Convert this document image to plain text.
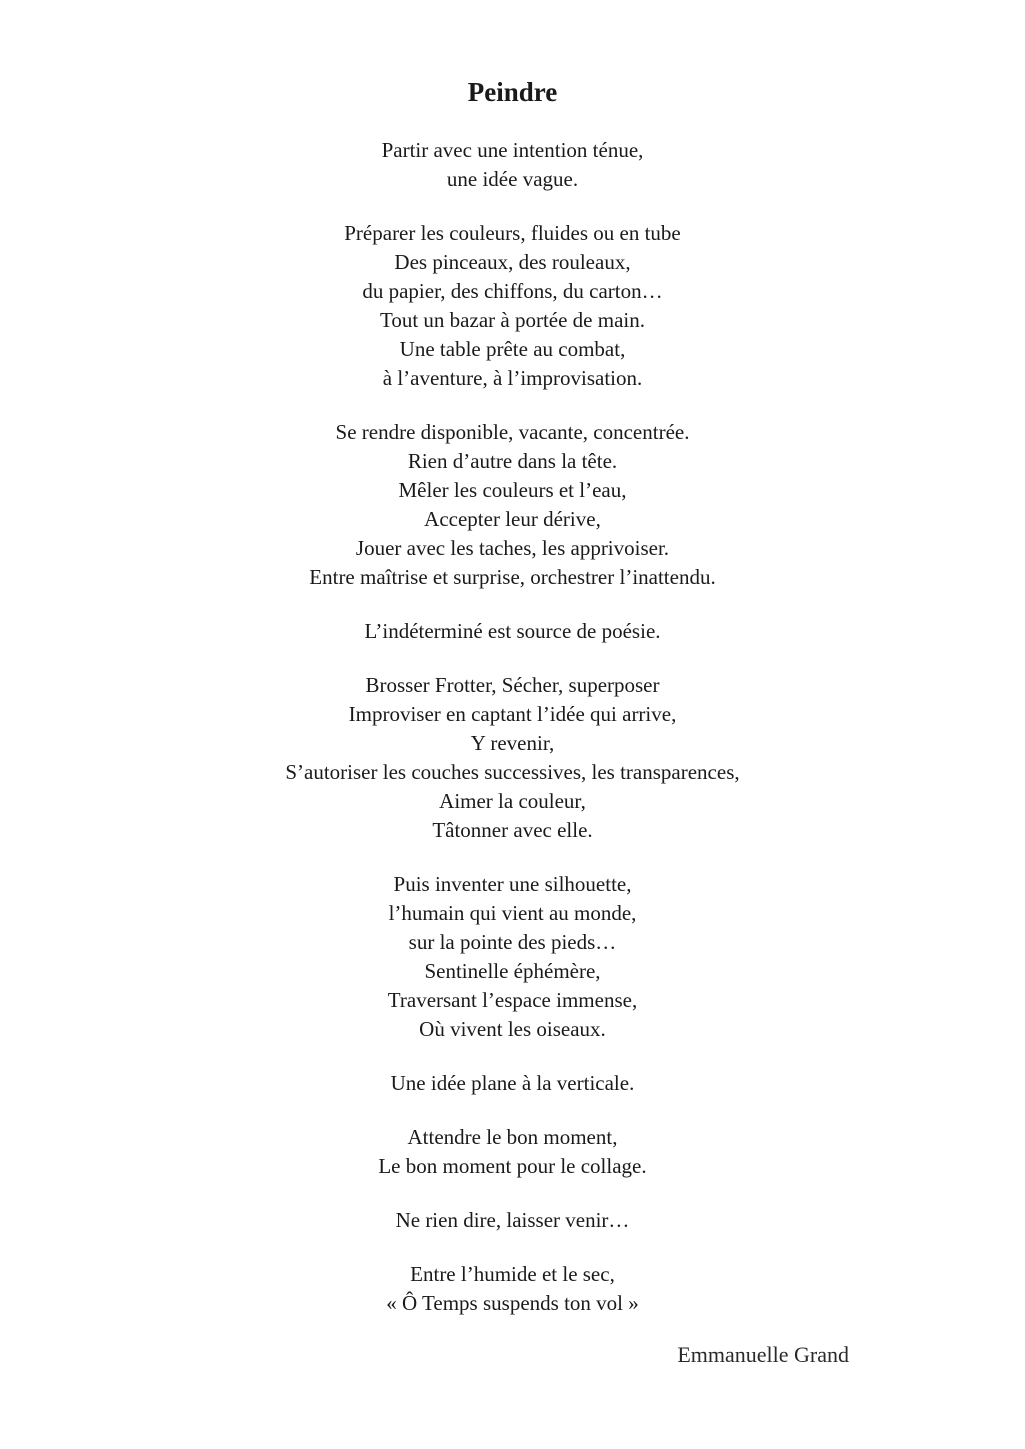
Peindre

Partir avec une intention ténue,
une idée vague.

Préparer les couleurs, fluides ou en tube
Des pinceaux, des rouleaux,
du papier, des chiffons, du carton…
Tout un bazar à portée de main.
Une table prête au combat,
à l’aventure, à l’improvisation.

Se rendre disponible, vacante, concentrée.
Rien d’autre dans la tête.
Mêler les couleurs et l’eau,
Accepter leur dérive,
Jouer avec les taches, les apprivoiser.
Entre maîtrise et surprise, orchestrer l’inattendu.

L’indéterminé est source de poésie.

Brosser Frotter, Sécher, superposer
Improviser en captant l’idée qui arrive,
Y revenir,
S’autoriser les couches successives, les transparences,
Aimer la couleur,
Tâtonner avec elle.

Puis inventer une silhouette,
l’humain qui vient au monde,
sur la pointe des pieds…
Sentinelle éphémère,
Traversant l’espace immense,
Où vivent les oiseaux.

Une idée plane à la verticale.

Attendre le bon moment,
Le bon moment pour le collage.

Ne rien dire, laisser venir…

Entre l’humide et le sec,
« Ô Temps suspends ton vol »

Emmanuelle Grand
